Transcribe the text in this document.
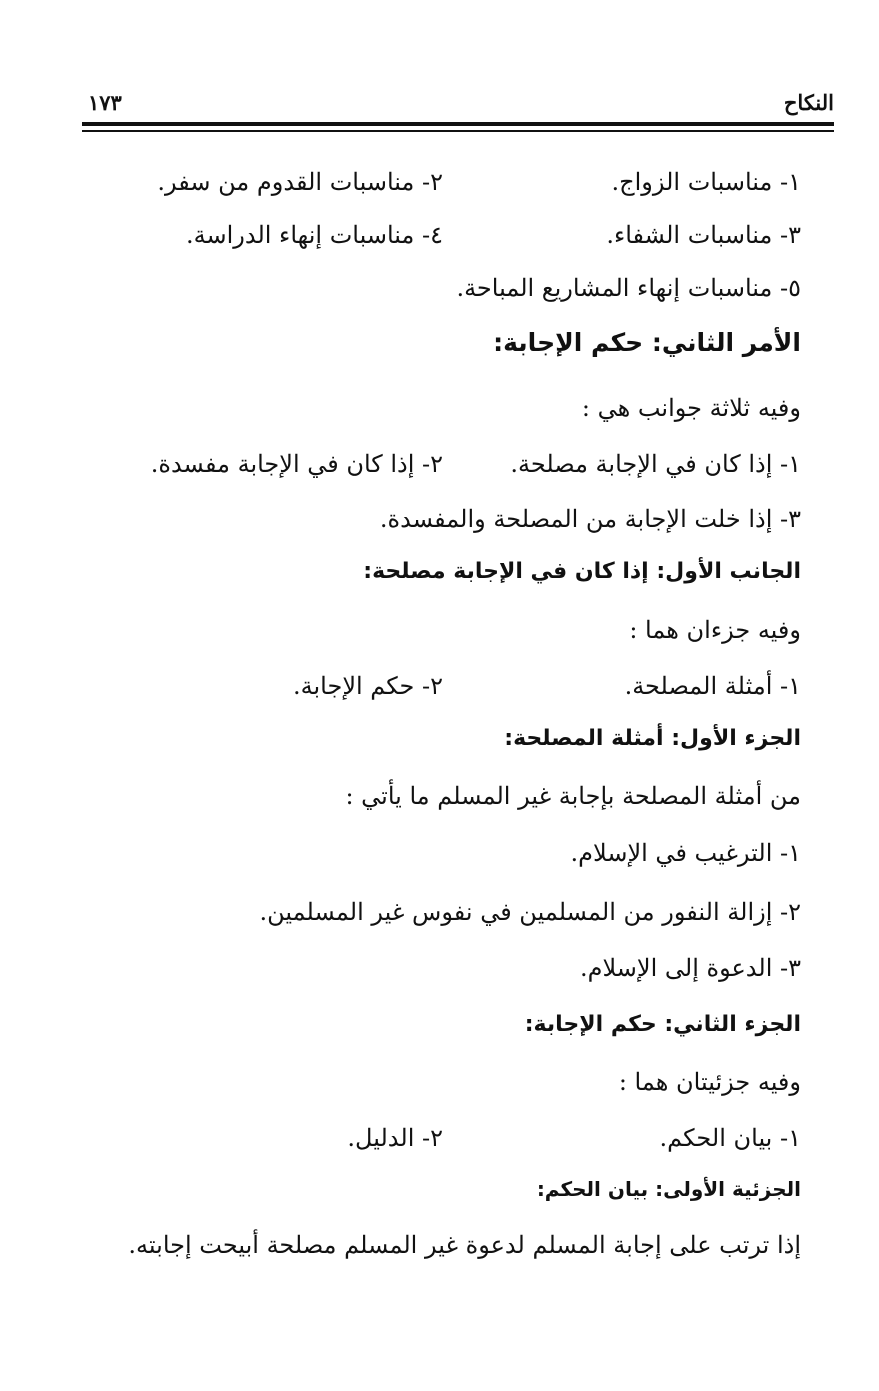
النكاح
١٧٣
١- مناسبات الزواج.
٢- مناسبات القدوم من سفر.
٣- مناسبات الشفاء.
٤- مناسبات إنهاء الدراسة.
٥- مناسبات إنهاء المشاريع المباحة.
الأمر الثاني: حكم الإجابة:
وفيه ثلاثة جوانب هي :
١- إذا كان في الإجابة مصلحة.
٢- إذا كان في الإجابة مفسدة.
٣- إذا خلت الإجابة من المصلحة والمفسدة.
الجانب الأول: إذا كان في الإجابة مصلحة:
وفيه جزءان هما :
١- أمثلة المصلحة.
٢- حكم الإجابة.
الجزء الأول: أمثلة المصلحة:
من أمثلة المصلحة بإجابة غير المسلم ما يأتي :
١- الترغيب في الإسلام.
٢- إزالة النفور من المسلمين في نفوس غير المسلمين.
٣- الدعوة إلى الإسلام.
الجزء الثاني: حكم الإجابة:
وفيه جزئيتان هما :
١- بيان الحكم.
٢- الدليل.
الجزئية الأولى: بيان الحكم:
إذا ترتب على إجابة المسلم لدعوة غير المسلم مصلحة أبيحت إجابته.
